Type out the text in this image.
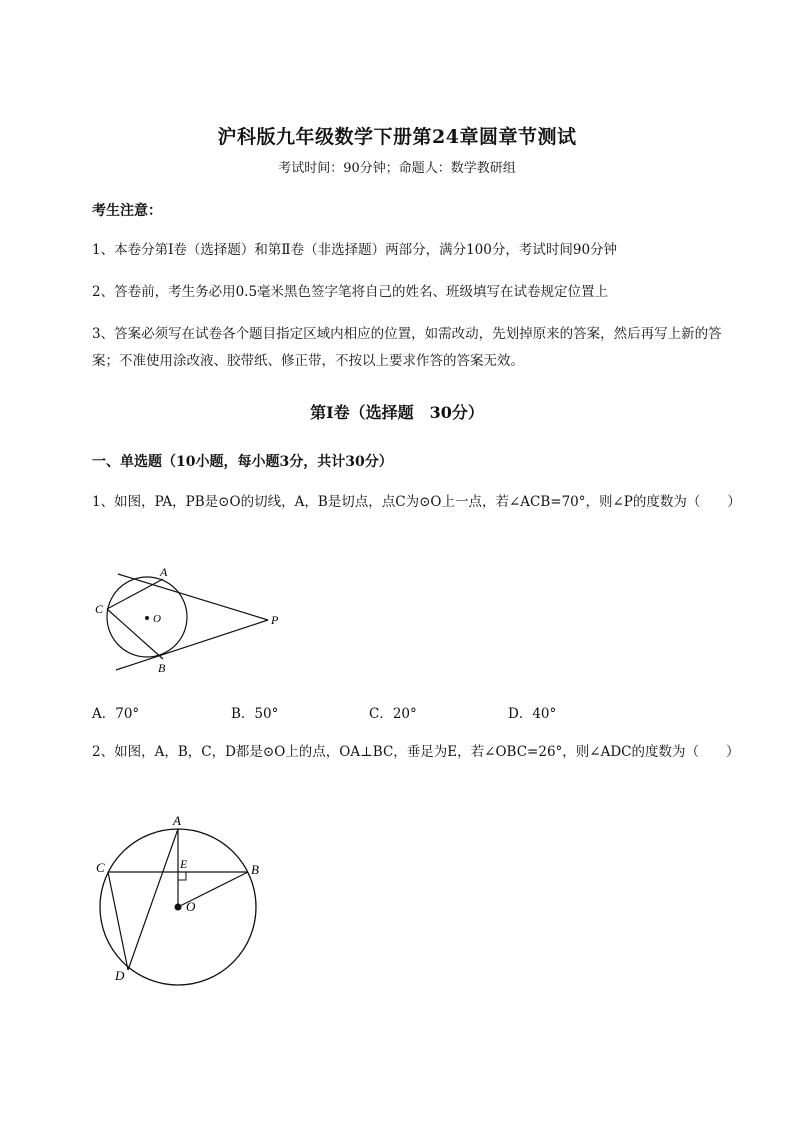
沪科版九年级数学下册第24章圆章节测试
考试时间：90分钟；命题人：数学教研组
考生注意：
1、本卷分第I卷（选择题）和第Ⅱ卷（非选择题）两部分，满分100分，考试时间90分钟
2、答卷前，考生务必用0.5毫米黑色签字笔将自己的姓名、班级填写在试卷规定位置上
3、答案必须写在试卷各个题目指定区域内相应的位置，如需改动，先划掉原来的答案，然后再写上新的答案；不准使用涂改液、胶带纸、修正带，不按以上要求作答的答案无效。
第I卷（选择题　30分）
一、单选题（10小题，每小题3分，共计30分）
1、如图，PA，PB是⊙O的切线，A，B是切点，点C为⊙O上一点，若∠ACB=70°，则∠P的度数为（　　）
A
B
C
O	P
A．70°	B．50°	C．20°	D．40°
2、如图，A，B，C，D都是⊙O上的点，OA⊥BC，垂足为E，若∠OBC=26°，则∠ADC的度数为（　　）
A
B
C
D
E
O
